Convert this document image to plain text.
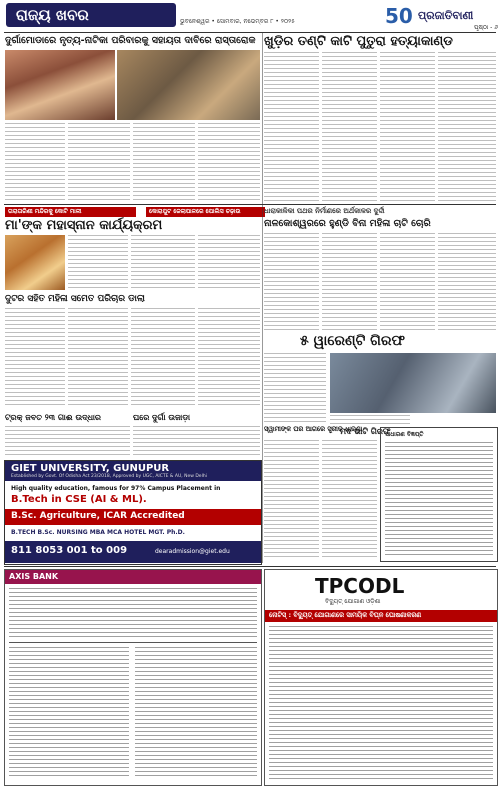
ରାଜ୍ୟ ଖବର	ଭୁବନେଶ୍ୱର • ସୋମବାର, ନଭେମ୍ବର ୮ • ୨୦୨୫	50 ପ୍ରଜାତିବାଣୀ
ପୃଷ୍ଠା - ୬
ଦୁର୍ଗାମୋଡାରେ ନୃତ୍ୟ-ନାଟିକା ପରିବାରକୁ ସହାୟତା ଦାବିରେ ରାସ୍ତାରୋକ ଖୁଡ଼ିର ତଣ୍ଟି କାଟି ପୁତୁରା ହତ୍ୟାକାଣ୍ଡ
ତାରାତାରିଣୀ ମନ୍ଦିରକୁ କୋଟି ମାଳୀ
ମା'ଙ୍କ ମହାସ୍ନାନ କାର୍ଯ୍ୟକ୍ରମ
ଦୁଟର ସହିତ ମହିଳା ସମେତ ପରିଚାର ଡାଲା
କୋରାପୁଟ ଜେଲାପାଳରେ ପୋଲିସ ଚଢ଼ାଉ	ଧାରାକାଳିକା ପଥର ନିର୍ମାଣରେ ଅର୍ଥକାଳର ଦୁର୍ଦ୍ଦୀ
ନାଳକୋଶ୍ୱରରେ ହୁଣ୍ଡି ବିନା ମହିଳା ଚାଟି ଚୋରି
୫ ୱାରେଣ୍ଟି ଗିରଫ
GIET UNIVERSITY, GUNUPUR
Established by Govt. Of Odisha Act 23/2018, Approved by UGC, AICTE & AU, New Delhi
High quality education, famous for 97% Campus Placement in
B.Tech in CSE (AI & ML).
B.Sc. Agriculture, ICAR Accredited
B.TECH B.Sc. NURSING MBA MCA HOTEL MGT. Ph.D.
811 8053 001 to 009	dearadmission@giet.edu
ମଦ ଭାଟି ଗିରଫ
ସାଧାରଣ ବିଜ୍ଞପ୍ତି
ଟ୍ରକ୍‌ ଜବତ ୨୩ ଗାଈ ଉଦ୍ଧାର	ଘରେ ଦୁର୍ଗା ଉଜାଡ଼ା
ସ୍ୱାମୀଙ୍କ ଘର ଆଗରେ ସ୍ତ୍ରୀର ଧାରଣା
AXIS BANK	TPCODL
ବିଦ୍ୟୁତ୍ ଯୋଗାଣ ଓଡ଼ିଶା
ନୋଟିସ୍ : ବିଦ୍ୟୁତ୍ ଯୋଗାଣରେ ସାମୟିକ ବିଘ୍ନ ଘୋଷଣାକରଣ
